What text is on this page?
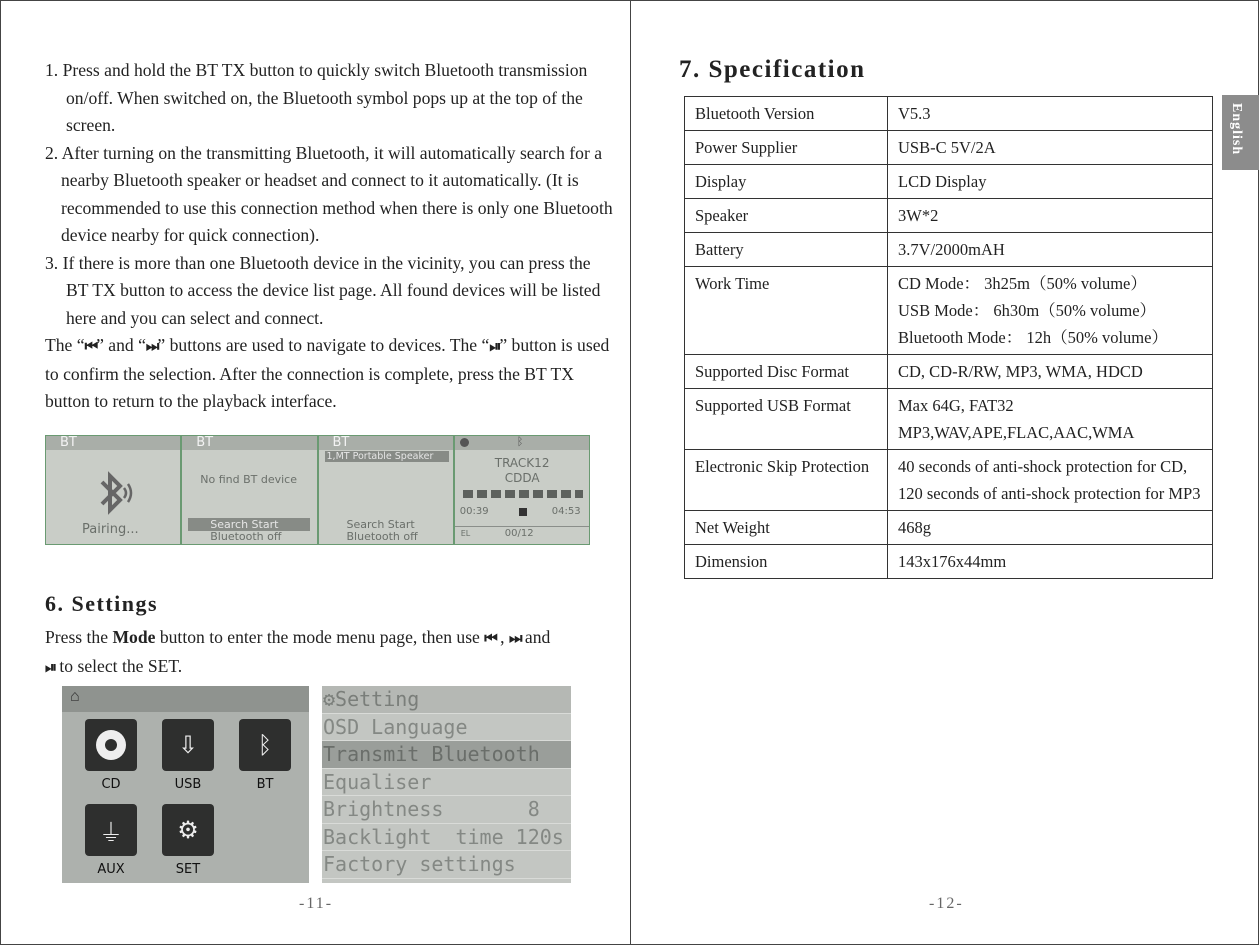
1. Press and hold the BT TX button to quickly switch Bluetooth transmission on/off. When switched on, the Bluetooth symbol pops up at the top of the screen.

2. After turning on the transmitting Bluetooth, it will automatically search for a nearby Bluetooth speaker or headset and connect to it automatically. (It is recommended to use this connection method when there is only one Bluetooth device nearby for quick connection).

3. If there is more than one Bluetooth device in the vicinity, you can press the BT TX button to access the device list page. All found devices will be listed here and you can select and connect.

The “⏮” and “⏭” buttons are used to navigate to devices. The “⏯” button is used to confirm the selection. After the connection is complete, press the BT TX button to return to the playback interface.

BT
Pairing...
BT
No find BT device
Search Start
Bluetooth off
BT
1,MT Portable Speaker
Search Start
Bluetooth off
ᛒ
TRACK12
CDDA
00:39	04:53
EL	00/12
6. Settings
Press the Mode button to enter the mode menu page, then use ⏮ , ⏭ and
⏯ to select the SET.
⌂
CD
⇩
USB
ᛒ
BT
⏚
AUX
⚙
SET
⚙Setting
OSD Language
Transmit Bluetooth
Equaliser
Brightness       8
Backlight  time 120s
Factory settings
-11-	-12-
7. Specification
English
Bluetooth Version	V5.3

Power Supplier	USB-C 5V/2A

Display	LCD Display

Speaker	3W*2

Battery	3.7V/2000mAH

Work Time	CD Mode： 3h25m（50% volume）
USB Mode： 6h30m（50% volume）
Bluetooth Mode： 12h（50% volume）

Supported Disc Format	CD, CD-R/RW, MP3, WMA, HDCD

Supported USB Format	Max 64G, FAT32
MP3,WAV,APE,FLAC,AAC,WMA

Electronic Skip Protection	40 seconds of anti-shock protection for CD,
120 seconds of anti-shock protection for MP3

Net Weight	468g

Dimension	143x176x44mm
